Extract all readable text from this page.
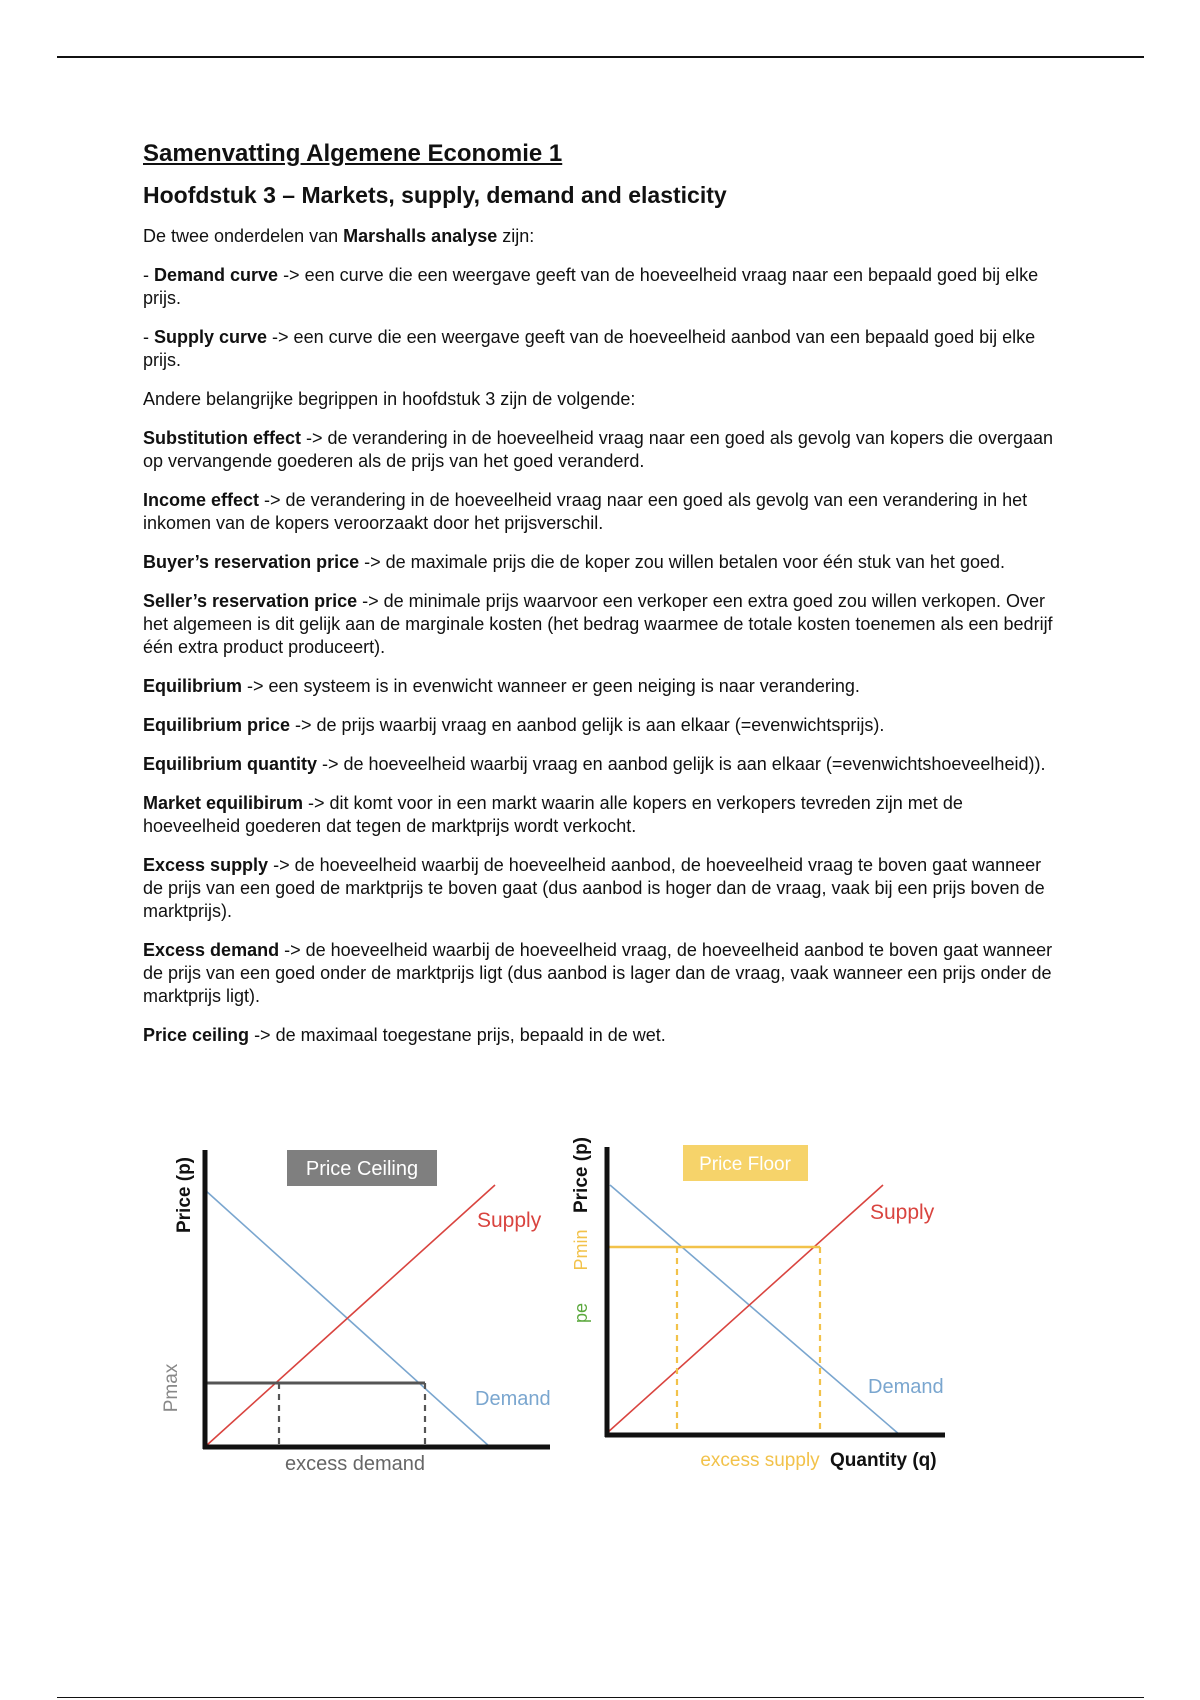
Samenvatting Algemene Economie 1
Hoofdstuk 3 – Markets, supply, demand and elasticity
De twee onderdelen van Marshalls analyse zijn:
- Demand curve -> een curve die een weergave geeft van de hoeveelheid vraag naar een bepaald goed bij elke prijs.
- Supply curve -> een curve die een weergave geeft van de hoeveelheid aanbod van een bepaald goed bij elke prijs.
Andere belangrijke begrippen in hoofdstuk 3 zijn de volgende:
Substitution effect -> de verandering in de hoeveelheid vraag naar een goed als gevolg van kopers die overgaan op vervangende goederen als de prijs van het goed veranderd.
Income effect -> de verandering in de hoeveelheid vraag naar een goed als gevolg van een verandering in het inkomen van de kopers veroorzaakt door het prijsverschil.
Buyer’s reservation price -> de maximale prijs die de koper zou willen betalen voor één stuk van het goed.
Seller’s reservation price -> de minimale prijs waarvoor een verkoper een extra goed zou willen verkopen. Over het algemeen is dit gelijk aan de marginale kosten (het bedrag waarmee de totale kosten toenemen als een bedrijf één extra product produceert).
Equilibrium -> een systeem is in evenwicht wanneer er geen neiging is naar verandering.
Equilibrium price -> de prijs waarbij vraag en aanbod gelijk is aan elkaar (=evenwichtsprijs).
Equilibrium quantity -> de hoeveelheid waarbij vraag en aanbod gelijk is aan elkaar (=evenwichtshoeveelheid)).
Market equilibirum -> dit komt voor in een markt waarin alle kopers en verkopers tevreden zijn met de hoeveelheid goederen dat tegen de marktprijs wordt verkocht.
Excess supply -> de hoeveelheid waarbij de hoeveelheid aanbod, de hoeveelheid vraag te boven gaat wanneer de prijs van een goed de marktprijs te boven gaat (dus aanbod is hoger dan de vraag, vaak bij een prijs boven de marktprijs).
Excess demand -> de hoeveelheid waarbij de hoeveelheid vraag, de hoeveelheid aanbod te boven gaat wanneer de prijs van een goed onder de marktprijs ligt (dus aanbod is lager dan de vraag, vaak wanneer een prijs onder de marktprijs ligt).
Price ceiling -> de maximaal toegestane prijs, bepaald in de wet.
Price Ceiling
Price (p)
Pmax
Supply
Demand
excess demand
Price Floor
Price (p)
Pmin
pe
Supply
Demand
excess supply Quantity (q)
